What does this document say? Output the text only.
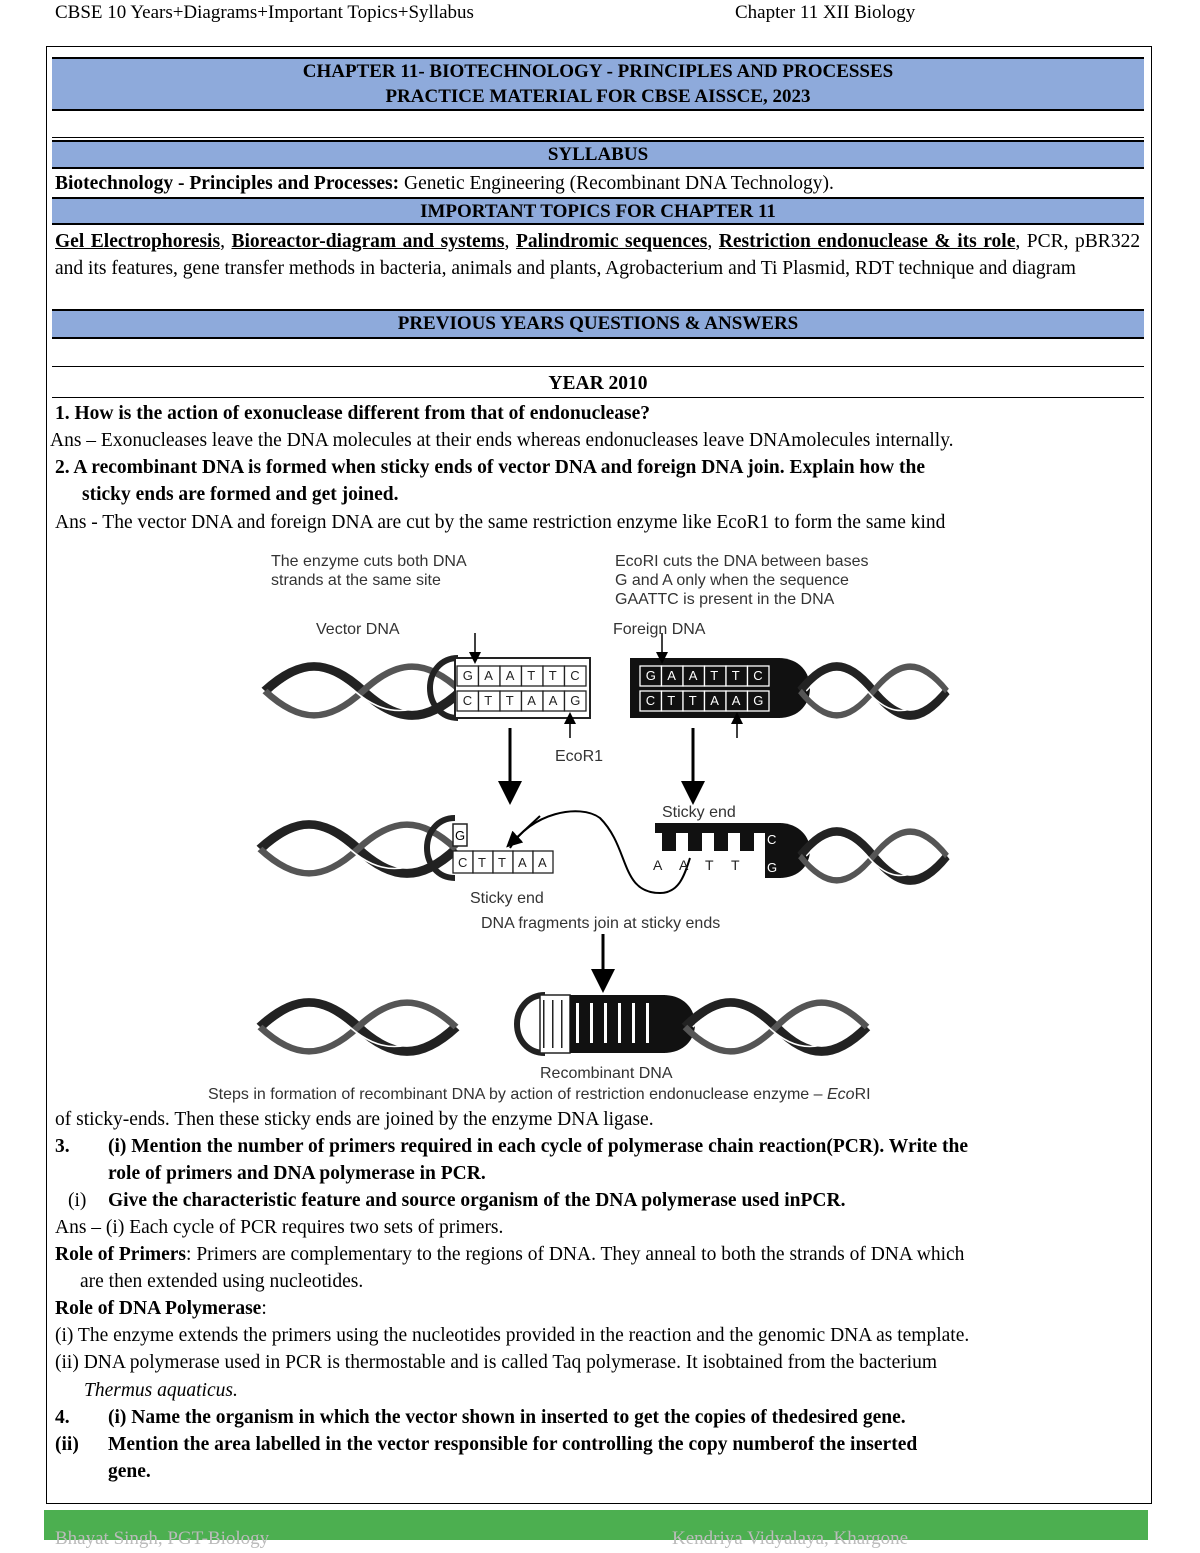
CBSE 10 Years+Diagrams+Important Topics+Syllabus	Chapter 11 XII Biology
CHAPTER 11- BIOTECHNOLOGY - PRINCIPLES AND PROCESSES
PRACTICE MATERIAL FOR CBSE AISSCE, 2023
SYLLABUS
Biotechnology - Principles and Processes: Genetic Engineering (Recombinant DNA Technology).
IMPORTANT TOPICS FOR CHAPTER 11
Gel Electrophoresis, Bioreactor-diagram and systems, Palindromic sequences, Restriction endonuclease & its role, PCR, pBR322 and its features, gene transfer methods in bacteria, animals and plants, Agrobacterium and Ti Plasmid, RDT technique and diagram
PREVIOUS YEARS QUESTIONS & ANSWERS
YEAR 2010
1. How is the action of exonuclease different from that of endonuclease?
Ans – Exonucleases leave the DNA molecules at their ends whereas endonucleases leave DNAmolecules internally.
2. A recombinant DNA is formed when sticky ends of vector DNA and foreign DNA join. Explain how the
sticky ends are formed and get joined.
Ans - The vector DNA and foreign DNA are cut by the same restriction enzyme like EcoR1 to form the same kind
The enzyme cuts both DNA
strands at the same site
EcoRI cuts the DNA between bases
G and A only when the sequence
GAATTC is present in the DNA
Vector DNA	Foreign DNA
G A A T T C
C T T A A G
EcoR1
G A A T T C
C T T A A G
G
C T T A A
Sticky end
Sticky end
A A T T
C
G
DNA fragments join at sticky ends
Recombinant DNA
Steps in formation of recombinant DNA by action of restriction endonuclease enzyme – EcoRI
of sticky-ends. Then these sticky ends are joined by the enzyme DNA ligase.
3. (i) Mention the number of primers required in each cycle of polymerase chain reaction(PCR). Write the
role of primers and DNA polymerase in PCR.
(i) Give the characteristic feature and source organism of the DNA polymerase used inPCR.
Ans – (i) Each cycle of PCR requires two sets of primers.
Role of Primers: Primers are complementary to the regions of DNA. They anneal to both the strands of DNA which
are then extended using nucleotides.
Role of DNA Polymerase:
(i) The enzyme extends the primers using the nucleotides provided in the reaction and the genomic DNA as template.
(ii) DNA polymerase used in PCR is thermostable and is called Taq polymerase. It isobtained from the bacterium
Thermus aquaticus.
4. (i) Name the organism in which the vector shown in inserted to get the copies of thedesired gene.
(ii) Mention the area labelled in the vector responsible for controlling the copy numberof the inserted
gene.
Bhayat Singh, PGT-Biology	Kendriya Vidyalaya, Khargone
